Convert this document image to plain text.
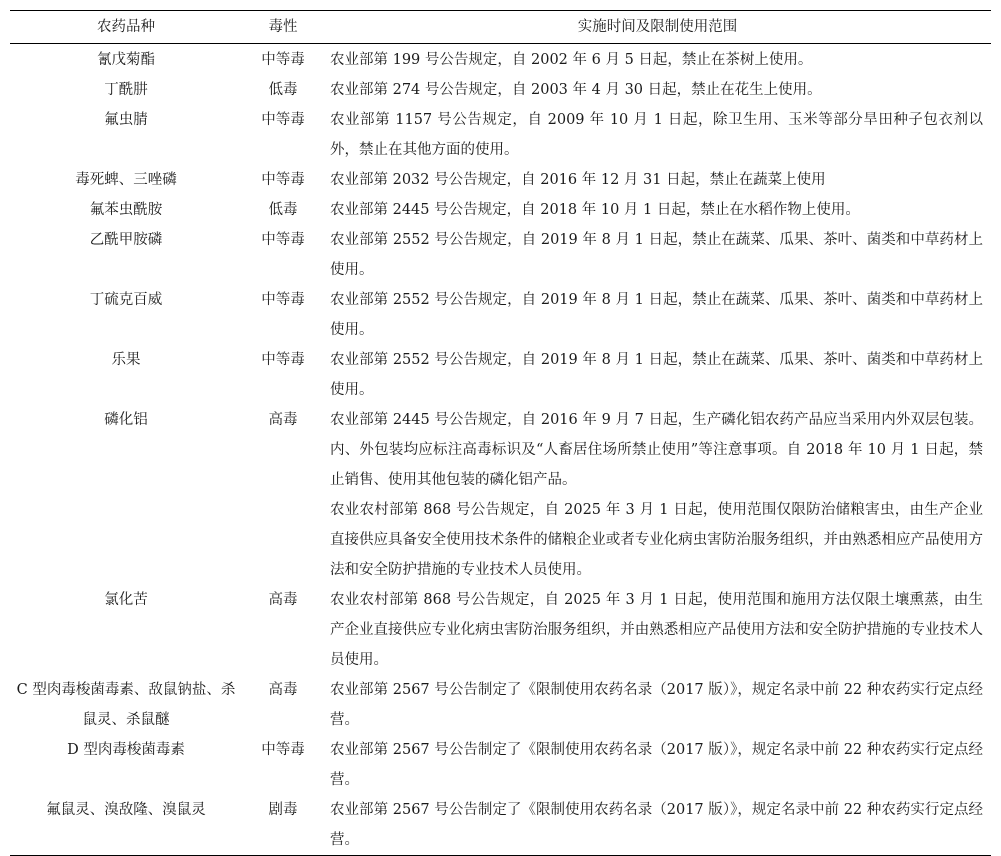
农药品种	毒性	实施时间及限制使用范围
氰戊菊酯	中等毒	农业部第 199 号公告规定，自 2002 年 6 月 5 日起，禁止在茶树上使用。
丁酰肼	低毒	农业部第 274 号公告规定，自 2003 年 4 月 30 日起，禁止在花生上使用。
氟虫腈	中等毒	农业部第 1157 号公告规定，自 2009 年 10 月 1 日起，除卫生用、玉米等部分旱田种子包衣剂以外，禁止在其他方面的使用。
毒死蜱、三唑磷	中等毒	农业部第 2032 号公告规定，自 2016 年 12 月 31 日起，禁止在蔬菜上使用
氟苯虫酰胺	低毒	农业部第 2445 号公告规定，自 2018 年 10 月 1 日起，禁止在水稻作物上使用。
乙酰甲胺磷	中等毒	农业部第 2552 号公告规定，自 2019 年 8 月 1 日起，禁止在蔬菜、瓜果、茶叶、菌类和中草药材上使用。
丁硫克百威	中等毒	农业部第 2552 号公告规定，自 2019 年 8 月 1 日起，禁止在蔬菜、瓜果、茶叶、菌类和中草药材上使用。
乐果	中等毒	农业部第 2552 号公告规定，自 2019 年 8 月 1 日起，禁止在蔬菜、瓜果、茶叶、菌类和中草药材上使用。
磷化铝	高毒	农业部第 2445 号公告规定，自 2016 年 9 月 7 日起，生产磷化铝农药产品应当采用内外双层包装。内、外包装均应标注高毒标识及“人畜居住场所禁止使用”等注意事项。自 2018 年 10 月 1 日起，禁止销售、使用其他包装的磷化铝产品。
		农业农村部第 868 号公告规定，自 2025 年 3 月 1 日起，使用范围仅限防治储粮害虫，由生产企业直接供应具备安全使用技术条件的储粮企业或者专业化病虫害防治服务组织，并由熟悉相应产品使用方法和安全防护措施的专业技术人员使用。
氯化苦	高毒	农业农村部第 868 号公告规定，自 2025 年 3 月 1 日起，使用范围和施用方法仅限土壤熏蒸，由生产企业直接供应专业化病虫害防治服务组织，并由熟悉相应产品使用方法和安全防护措施的专业技术人员使用。
C 型肉毒梭菌毒素、敌鼠钠盐、杀鼠灵、杀鼠醚	高毒	农业部第 2567 号公告制定了《限制使用农药名录（2017 版）》，规定名录中前 22 种农药实行定点经营。
D 型肉毒梭菌毒素	中等毒	农业部第 2567 号公告制定了《限制使用农药名录（2017 版）》，规定名录中前 22 种农药实行定点经营。
氟鼠灵、溴敌隆、溴鼠灵	剧毒	农业部第 2567 号公告制定了《限制使用农药名录（2017 版）》，规定名录中前 22 种农药实行定点经营。
